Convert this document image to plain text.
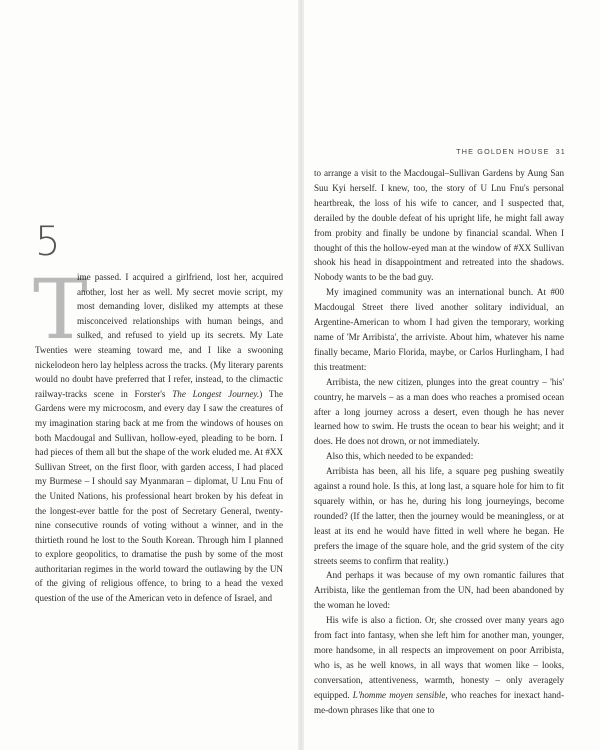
5
T

ime passed. I acquired a girlfriend, lost her, acquired another, lost her as well. My secret movie script, my most demanding lover, disliked my attempts at these misconceived relationships with human beings, and sulked, and refused to yield up its secrets. My Late Twenties were steaming toward me, and I like a swooning nickelodeon hero lay helpless across the tracks. (My literary parents would no doubt have preferred that I refer, instead, to the climactic railway-tracks scene in Forster's The Longest Journey.) The Gardens were my microcosm, and every day I saw the creatures of my imagination staring back at me from the windows of houses on both Macdougal and Sullivan, hollow-eyed, pleading to be born. I had pieces of them all but the shape of the work eluded me. At #XX Sullivan Street, on the first floor, with garden access, I had placed my Burmese – I should say Myanmaran – diplomat, U Lnu Fnu of the United Nations, his professional heart broken by his defeat in the longest-ever battle for the post of Secretary General, twenty-nine consecutive rounds of voting without a winner, and in the thirtieth round he lost to the South Korean. Through him I planned to explore geopolitics, to dramatise the push by some of the most authoritarian regimes in the world toward the outlawing by the UN of the giving of religious offence, to bring to a head the vexed question of the use of the American veto in defence of Israel, and

THE GOLDEN HOUSE 31

to arrange a visit to the Macdougal–Sullivan Gardens by Aung San Suu Kyi herself. I knew, too, the story of U Lnu Fnu's personal heartbreak, the loss of his wife to cancer, and I suspected that, derailed by the double defeat of his upright life, he might fall away from probity and finally be undone by financial scandal. When I thought of this the hollow-eyed man at the window of #XX Sullivan shook his head in disappointment and retreated into the shadows. Nobody wants to be the bad guy.

My imagined community was an international bunch. At #00 Macdougal Street there lived another solitary individual, an Argentine-American to whom I had given the temporary, working name of 'Mr Arribista', the arriviste. About him, whatever his name finally became, Mario Florida, maybe, or Carlos Hurlingham, I had this treatment:

Arribista, the new citizen, plunges into the great country – 'his' country, he marvels – as a man does who reaches a promised ocean after a long journey across a desert, even though he has never learned how to swim. He trusts the ocean to bear his weight; and it does. He does not drown, or not immediately.

Also this, which needed to be expanded:

Arribista has been, all his life, a square peg pushing sweatily against a round hole. Is this, at long last, a square hole for him to fit squarely within, or has he, during his long journeyings, become rounded? (If the latter, then the journey would be meaningless, or at least at its end he would have fitted in well where he began. He prefers the image of the square hole, and the grid system of the city streets seems to confirm that reality.)

And perhaps it was because of my own romantic failures that Arribista, like the gentleman from the UN, had been abandoned by the woman he loved:

His wife is also a fiction. Or, she crossed over many years ago from fact into fantasy, when she left him for another man, younger, more handsome, in all respects an improvement on poor Arribista, who is, as he well knows, in all ways that women like – looks, conversation, attentiveness, warmth, honesty – only averagely equipped. L'homme moyen sensible, who reaches for inexact hand-me-down phrases like that one to
